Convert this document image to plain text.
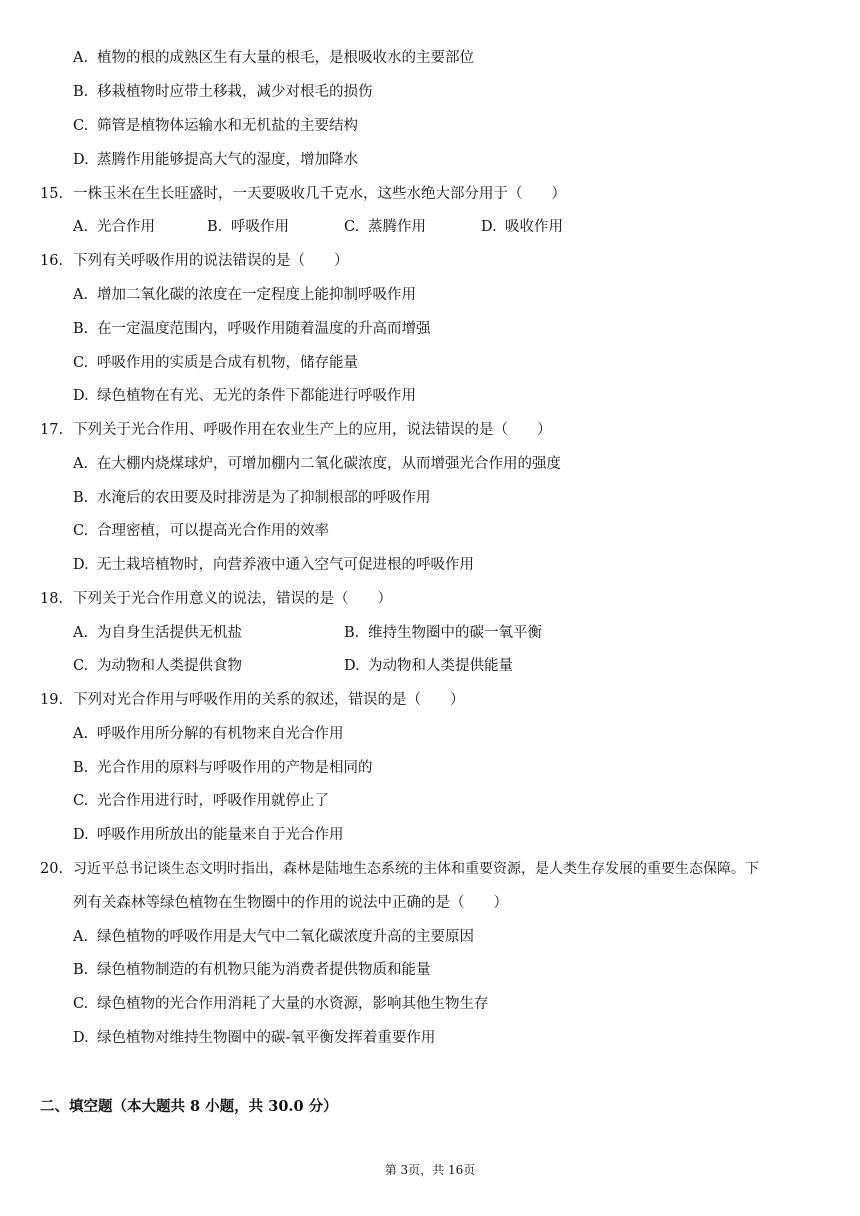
A. 植物的根的成熟区生有大量的根毛，是根吸收水的主要部位
B. 移栽植物时应带土移栽，减少对根毛的损伤
C. 筛管是植物体运输水和无机盐的主要结构
D. 蒸腾作用能够提高大气的湿度，增加降水
15. 一株玉米在生长旺盛时，一天要吸收几千克水，这些水绝大部分用于（　　）
A. 光合作用	B. 呼吸作用	C. 蒸腾作用	D. 吸收作用
16. 下列有关呼吸作用的说法错误的是（　　）
A. 增加二氧化碳的浓度在一定程度上能抑制呼吸作用
B. 在一定温度范围内，呼吸作用随着温度的升高而增强
C. 呼吸作用的实质是合成有机物，储存能量
D. 绿色植物在有光、无光的条件下都能进行呼吸作用
17. 下列关于光合作用、呼吸作用在农业生产上的应用，说法错误的是（　　）
A. 在大棚内烧煤球炉，可增加棚内二氧化碳浓度，从而增强光合作用的强度
B. 水淹后的农田要及时排涝是为了抑制根部的呼吸作用
C. 合理密植，可以提高光合作用的效率
D. 无土栽培植物时，向营养液中通入空气可促进根的呼吸作用
18. 下列关于光合作用意义的说法，错误的是（　　）
A. 为自身生活提供无机盐	B. 维持生物圈中的碳一氧平衡
C. 为动物和人类提供食物	D. 为动物和人类提供能量
19. 下列对光合作用与呼吸作用的关系的叙述，错误的是（　　）
A. 呼吸作用所分解的有机物来自光合作用
B. 光合作用的原料与呼吸作用的产物是相同的
C. 光合作用进行时，呼吸作用就停止了
D. 呼吸作用所放出的能量来自于光合作用
20. 习近平总书记谈生态文明时指出，森林是陆地生态系统的主体和重要资源，是人类生存发展的重要生态保障。下
列有关森林等绿色植物在生物圈中的作用的说法中正确的是（　　）
A. 绿色植物的呼吸作用是大气中二氧化碳浓度升高的主要原因
B. 绿色植物制造的有机物只能为消费者提供物质和能量
C. 绿色植物的光合作用消耗了大量的水资源，影响其他生物生存
D. 绿色植物对维持生物圈中的碳-氧平衡发挥着重要作用
二、填空题（本大题共 8 小题，共 30.0 分）
第 3页，共 16页
